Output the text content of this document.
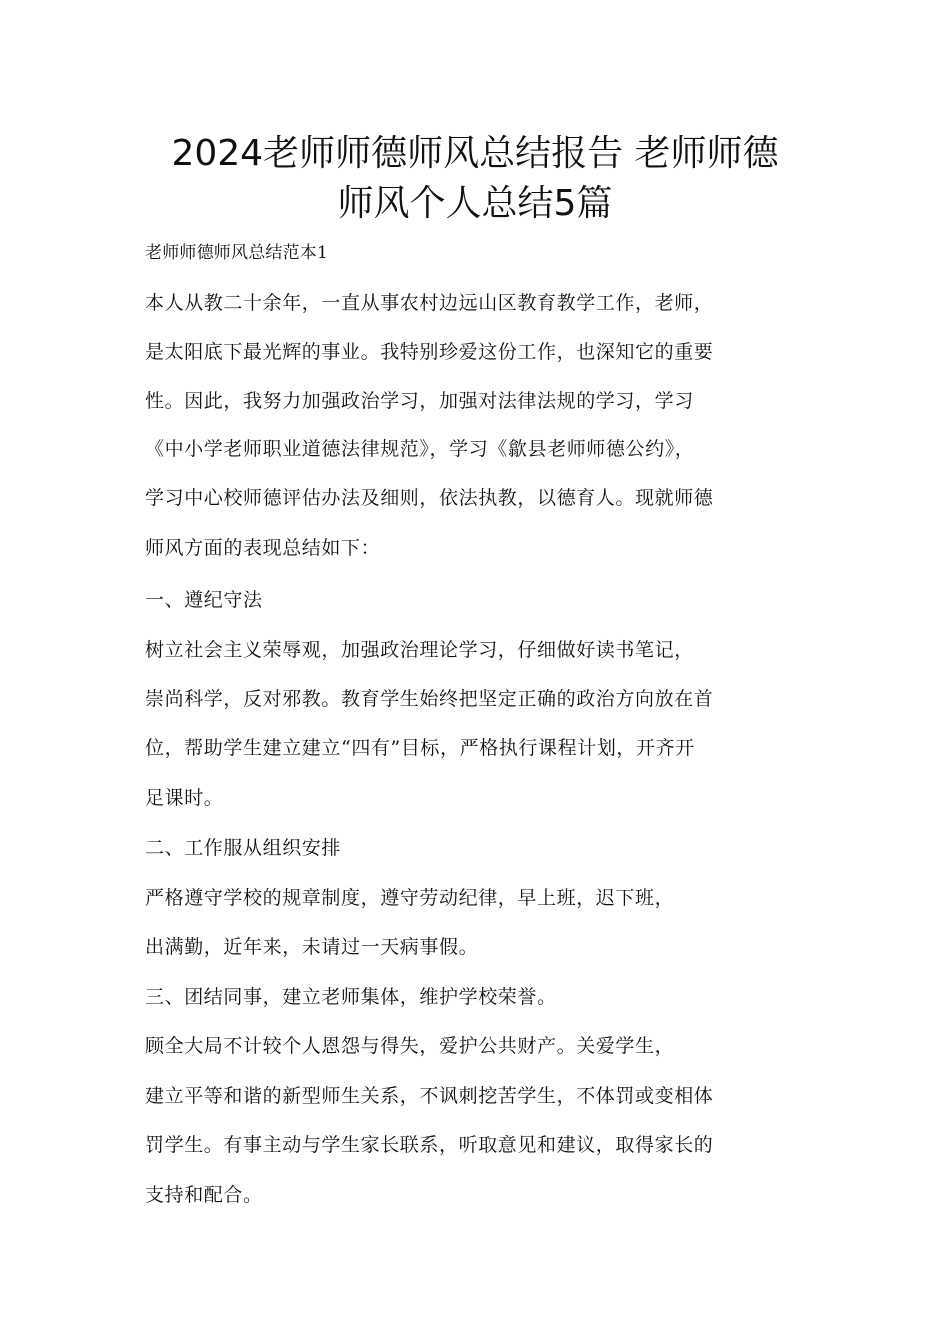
2024老师师德师风总结报告 老师师德
师风个人总结5篇

老师师德师风总结范本1

本人从教二十余年，一直从事农村边远山区教育教学工作，老师，

是太阳底下最光辉的事业。我特别珍爱这份工作，也深知它的重要

性。因此，我努力加强政治学习，加强对法律法规的学习，学习

《中小学老师职业道德法律规范》，学习《歙县老师师德公约》，

学习中心校师德评估办法及细则，依法执教，以德育人。现就师德

师风方面的表现总结如下：

一、遵纪守法

树立社会主义荣辱观，加强政治理论学习，仔细做好读书笔记，

崇尚科学，反对邪教。教育学生始终把坚定正确的政治方向放在首

位，帮助学生建立建立“四有”目标，严格执行课程计划，开齐开

足课时。

二、工作服从组织安排

严格遵守学校的规章制度，遵守劳动纪律，早上班，迟下班，

出满勤，近年来，未请过一天病事假。

三、团结同事，建立老师集体，维护学校荣誉。

顾全大局不计较个人恩怨与得失，爱护公共财产。关爱学生，

建立平等和谐的新型师生关系，不讽刺挖苦学生，不体罚或变相体

罚学生。有事主动与学生家长联系，听取意见和建议，取得家长的

支持和配合。
